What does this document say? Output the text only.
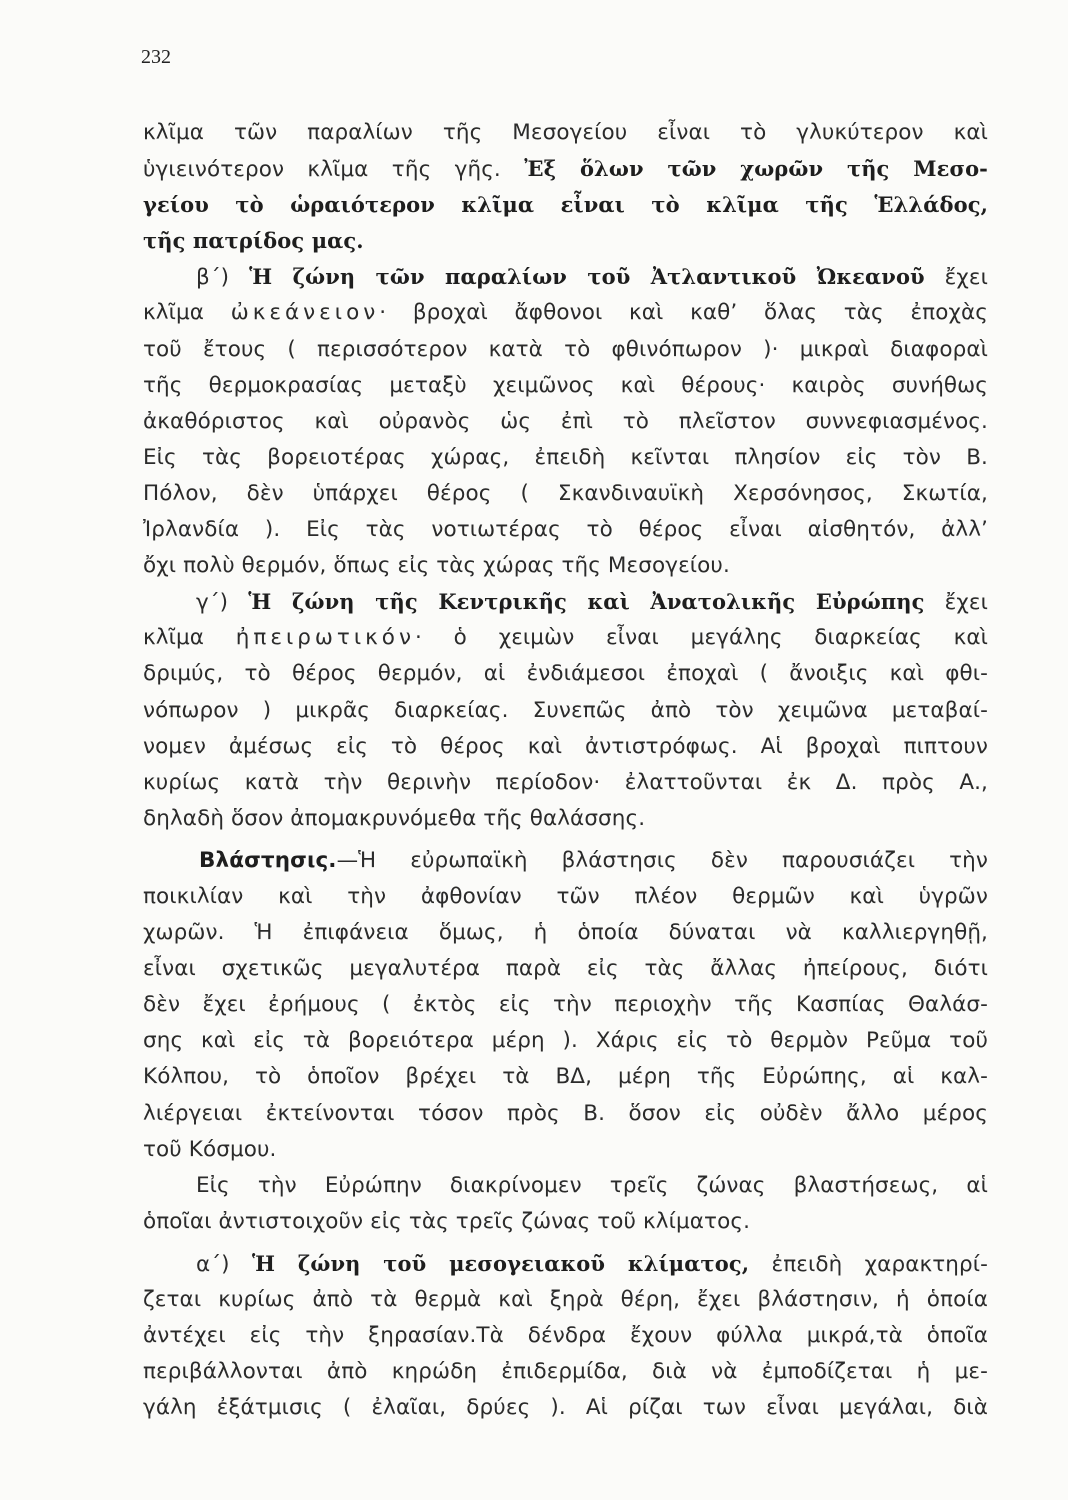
232
κλῖμα τῶν παραλίων τῆς Μεσογείου εἶναι τὸ γλυκύτερον καὶ
ὑγιεινότερον κλῖμα τῆς γῆς. Ἐξ ὅλων τῶν χωρῶν τῆς Μεσο-
γείου τὸ ὡραιότερον κλῖμα εἶναι τὸ κλῖμα τῆς Ἑλλάδος,
τῆς πατρίδος μας.
β΄) Ἡ ζώνη τῶν παραλίων τοῦ Ἀτλαντικοῦ Ὠκεανοῦ ἔχει
κλῖμα ὠκεάνειον· βροχαὶ ἄφθονοι καὶ καθ’ ὅλας τὰς ἐποχὰς
τοῦ ἔτους ( περισσότερον κατὰ τὸ φθινόπωρον )· μικραὶ διαφοραὶ
τῆς θερμοκρασίας μεταξὺ χειμῶνος καὶ θέρους· καιρὸς συνήθως
ἀκαθόριστος καὶ οὐρανὸς ὡς ἐπὶ τὸ πλεῖστον συννεφιασμένος.
Εἰς τὰς βορειοτέρας χώρας, ἐπειδὴ κεῖνται πλησίον εἰς τὸν Β.
Πόλον, δὲν ὑπάρχει θέρος ( Σκανδιναυϊκὴ Χερσόνησος, Σκωτία,
Ἰρλανδία ). Εἰς τὰς νοτιωτέρας τὸ θέρος εἶναι αἰσθητόν, ἀλλ’
ὄχι πολὺ θερμόν, ὅπως εἰς τὰς χώρας τῆς Μεσογείου.
γ΄) Ἡ ζώνη τῆς Κεντρικῆς καὶ Ἀνατολικῆς Εὐρώπης ἔχει
κλῖμα ἠπειρωτικόν· ὁ χειμὼν εἶναι μεγάλης διαρκείας καὶ
δριμύς, τὸ θέρος θερμόν, αἱ ἐνδιάμεσοι ἐποχαὶ ( ἄνοιξις καὶ φθι-
νόπωρον ) μικρᾶς διαρκείας. Συνεπῶς ἀπὸ τὸν χειμῶνα μεταβαί-
νομεν ἀμέσως εἰς τὸ θέρος καὶ ἀντιστρόφως. Αἱ βροχαὶ πιπτουν
κυρίως κατὰ τὴν θερινὴν περίοδον· ἐλαττοῦνται ἐκ Δ. πρὸς Α.,
δηλαδὴ ὅσον ἀπομακρυνόμεθα τῆς θαλάσσης.
Βλάστησις.—Ἡ εὐρωπαϊκὴ βλάστησις δὲν παρουσιάζει τὴν
ποικιλίαν καὶ τὴν ἀφθονίαν τῶν πλέον θερμῶν καὶ ὑγρῶν
χωρῶν. Ἡ ἐπιφάνεια ὅμως, ἡ ὁποία δύναται νὰ καλλιεργηθῇ,
εἶναι σχετικῶς μεγαλυτέρα παρὰ εἰς τὰς ἄλλας ἠπείρους, διότι
δὲν ἔχει ἐρήμους ( ἐκτὸς εἰς τὴν περιοχὴν τῆς Κασπίας Θαλάσ-
σης καὶ εἰς τὰ βορειότερα μέρη ). Χάρις εἰς τὸ θερμὸν Ρεῦμα τοῦ
Κόλπου, τὸ ὁποῖον βρέχει τὰ ΒΔ, μέρη τῆς Εὐρώπης, αἱ καλ-
λιέργειαι ἐκτείνονται τόσον πρὸς Β. ὅσον εἰς οὐδὲν ἄλλο μέρος
τοῦ Κόσμου.
Εἰς τὴν Εὐρώπην διακρίνομεν τρεῖς ζώνας βλαστήσεως, αἱ
ὁποῖαι ἀντιστοιχοῦν εἰς τὰς τρεῖς ζώνας τοῦ κλίματος.
α΄) Ἡ ζώνη τοῦ μεσογειακοῦ κλίματος, ἐπειδὴ χαρακτηρί-
ζεται κυρίως ἀπὸ τὰ θερμὰ καὶ ξηρὰ θέρη, ἔχει βλάστησιν, ἡ ὁποία
ἀντέχει εἰς τὴν ξηρασίαν.Τὰ δένδρα ἔχουν φύλλα μικρά,τὰ ὁποῖα
περιβάλλονται ἀπὸ κηρώδη ἐπιδερμίδα, διὰ νὰ ἐμποδίζεται ἡ με-
γάλη ἐξάτμισις ( ἐλαῖαι, δρύες ). Αἱ ρίζαι των εἶναι μεγάλαι, διὰ
